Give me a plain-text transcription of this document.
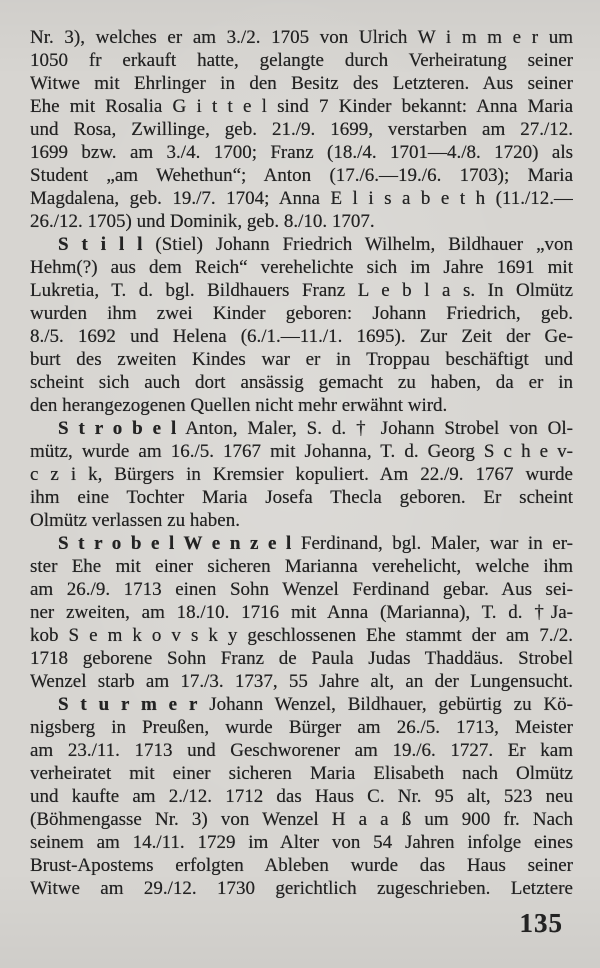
Nr. 3), welches er am 3./2. 1705 von Ulrich W i m m e r um
1050 fr erkauft hatte, gelangte durch Verheiratung seiner
Witwe mit Ehrlinger in den Besitz des Letzteren. Aus seiner
Ehe mit Rosalia G i t t e l sind 7 Kinder bekannt: Anna Maria
und Rosa, Zwillinge, geb. 21./9. 1699, verstarben am 27./12.
1699 bzw. am 3./4. 1700; Franz (18./4. 1701—4./8. 1720) als
Student „am Wehethun“; Anton (17./6.—19./6. 1703); Maria
Magdalena, geb. 19./7. 1704; Anna E l i s a b e t h (11./12.—
26./12. 1705) und Dominik, geb. 8./10. 1707.
S t i l l (Stiel) Johann Friedrich Wilhelm, Bildhauer „von
Hehm(?) aus dem Reich“ verehelichte sich im Jahre 1691 mit
Lukretia, T. d. bgl. Bildhauers Franz L e b l a s. In Olmütz
wurden ihm zwei Kinder geboren: Johann Friedrich, geb.
8./5. 1692 und Helena (6./1.—11./1. 1695). Zur Zeit der Ge-
burt des zweiten Kindes war er in Troppau beschäftigt und
scheint sich auch dort ansässig gemacht zu haben, da er in
den herangezogenen Quellen nicht mehr erwähnt wird.
S t r o b e l Anton, Maler, S. d. † Johann Strobel von Ol-
mütz, wurde am 16./5. 1767 mit Johanna, T. d. Georg S c h e v-
c z i k, Bürgers in Kremsier kopuliert. Am 22./9. 1767 wurde
ihm eine Tochter Maria Josefa Thecla geboren. Er scheint
Olmütz verlassen zu haben.
S t r o b e l W e n z e l Ferdinand, bgl. Maler, war in er-
ster Ehe mit einer sicheren Marianna verehelicht, welche ihm
am 26./9. 1713 einen Sohn Wenzel Ferdinand gebar. Aus sei-
ner zweiten, am 18./10. 1716 mit Anna (Marianna), T. d. †Ja-
kob S e m k o v s k y geschlossenen Ehe stammt der am 7./2.
1718 geborene Sohn Franz de Paula Judas Thaddäus. Strobel
Wenzel starb am 17./3. 1737, 55 Jahre alt, an der Lungensucht.
S t u r m e r Johann Wenzel, Bildhauer, gebürtig zu Kö-
nigsberg in Preußen, wurde Bürger am 26./5. 1713, Meister
am 23./11. 1713 und Geschworener am 19./6. 1727. Er kam
verheiratet mit einer sicheren Maria Elisabeth nach Olmütz
und kaufte am 2./12. 1712 das Haus C. Nr. 95 alt, 523 neu
(Böhmengasse Nr. 3) von Wenzel H a a ß um 900 fr. Nach
seinem am 14./11. 1729 im Alter von 54 Jahren infolge eines
Brust-Apostems erfolgten Ableben wurde das Haus seiner
Witwe am 29./12. 1730 gerichtlich zugeschrieben. Letztere
135
